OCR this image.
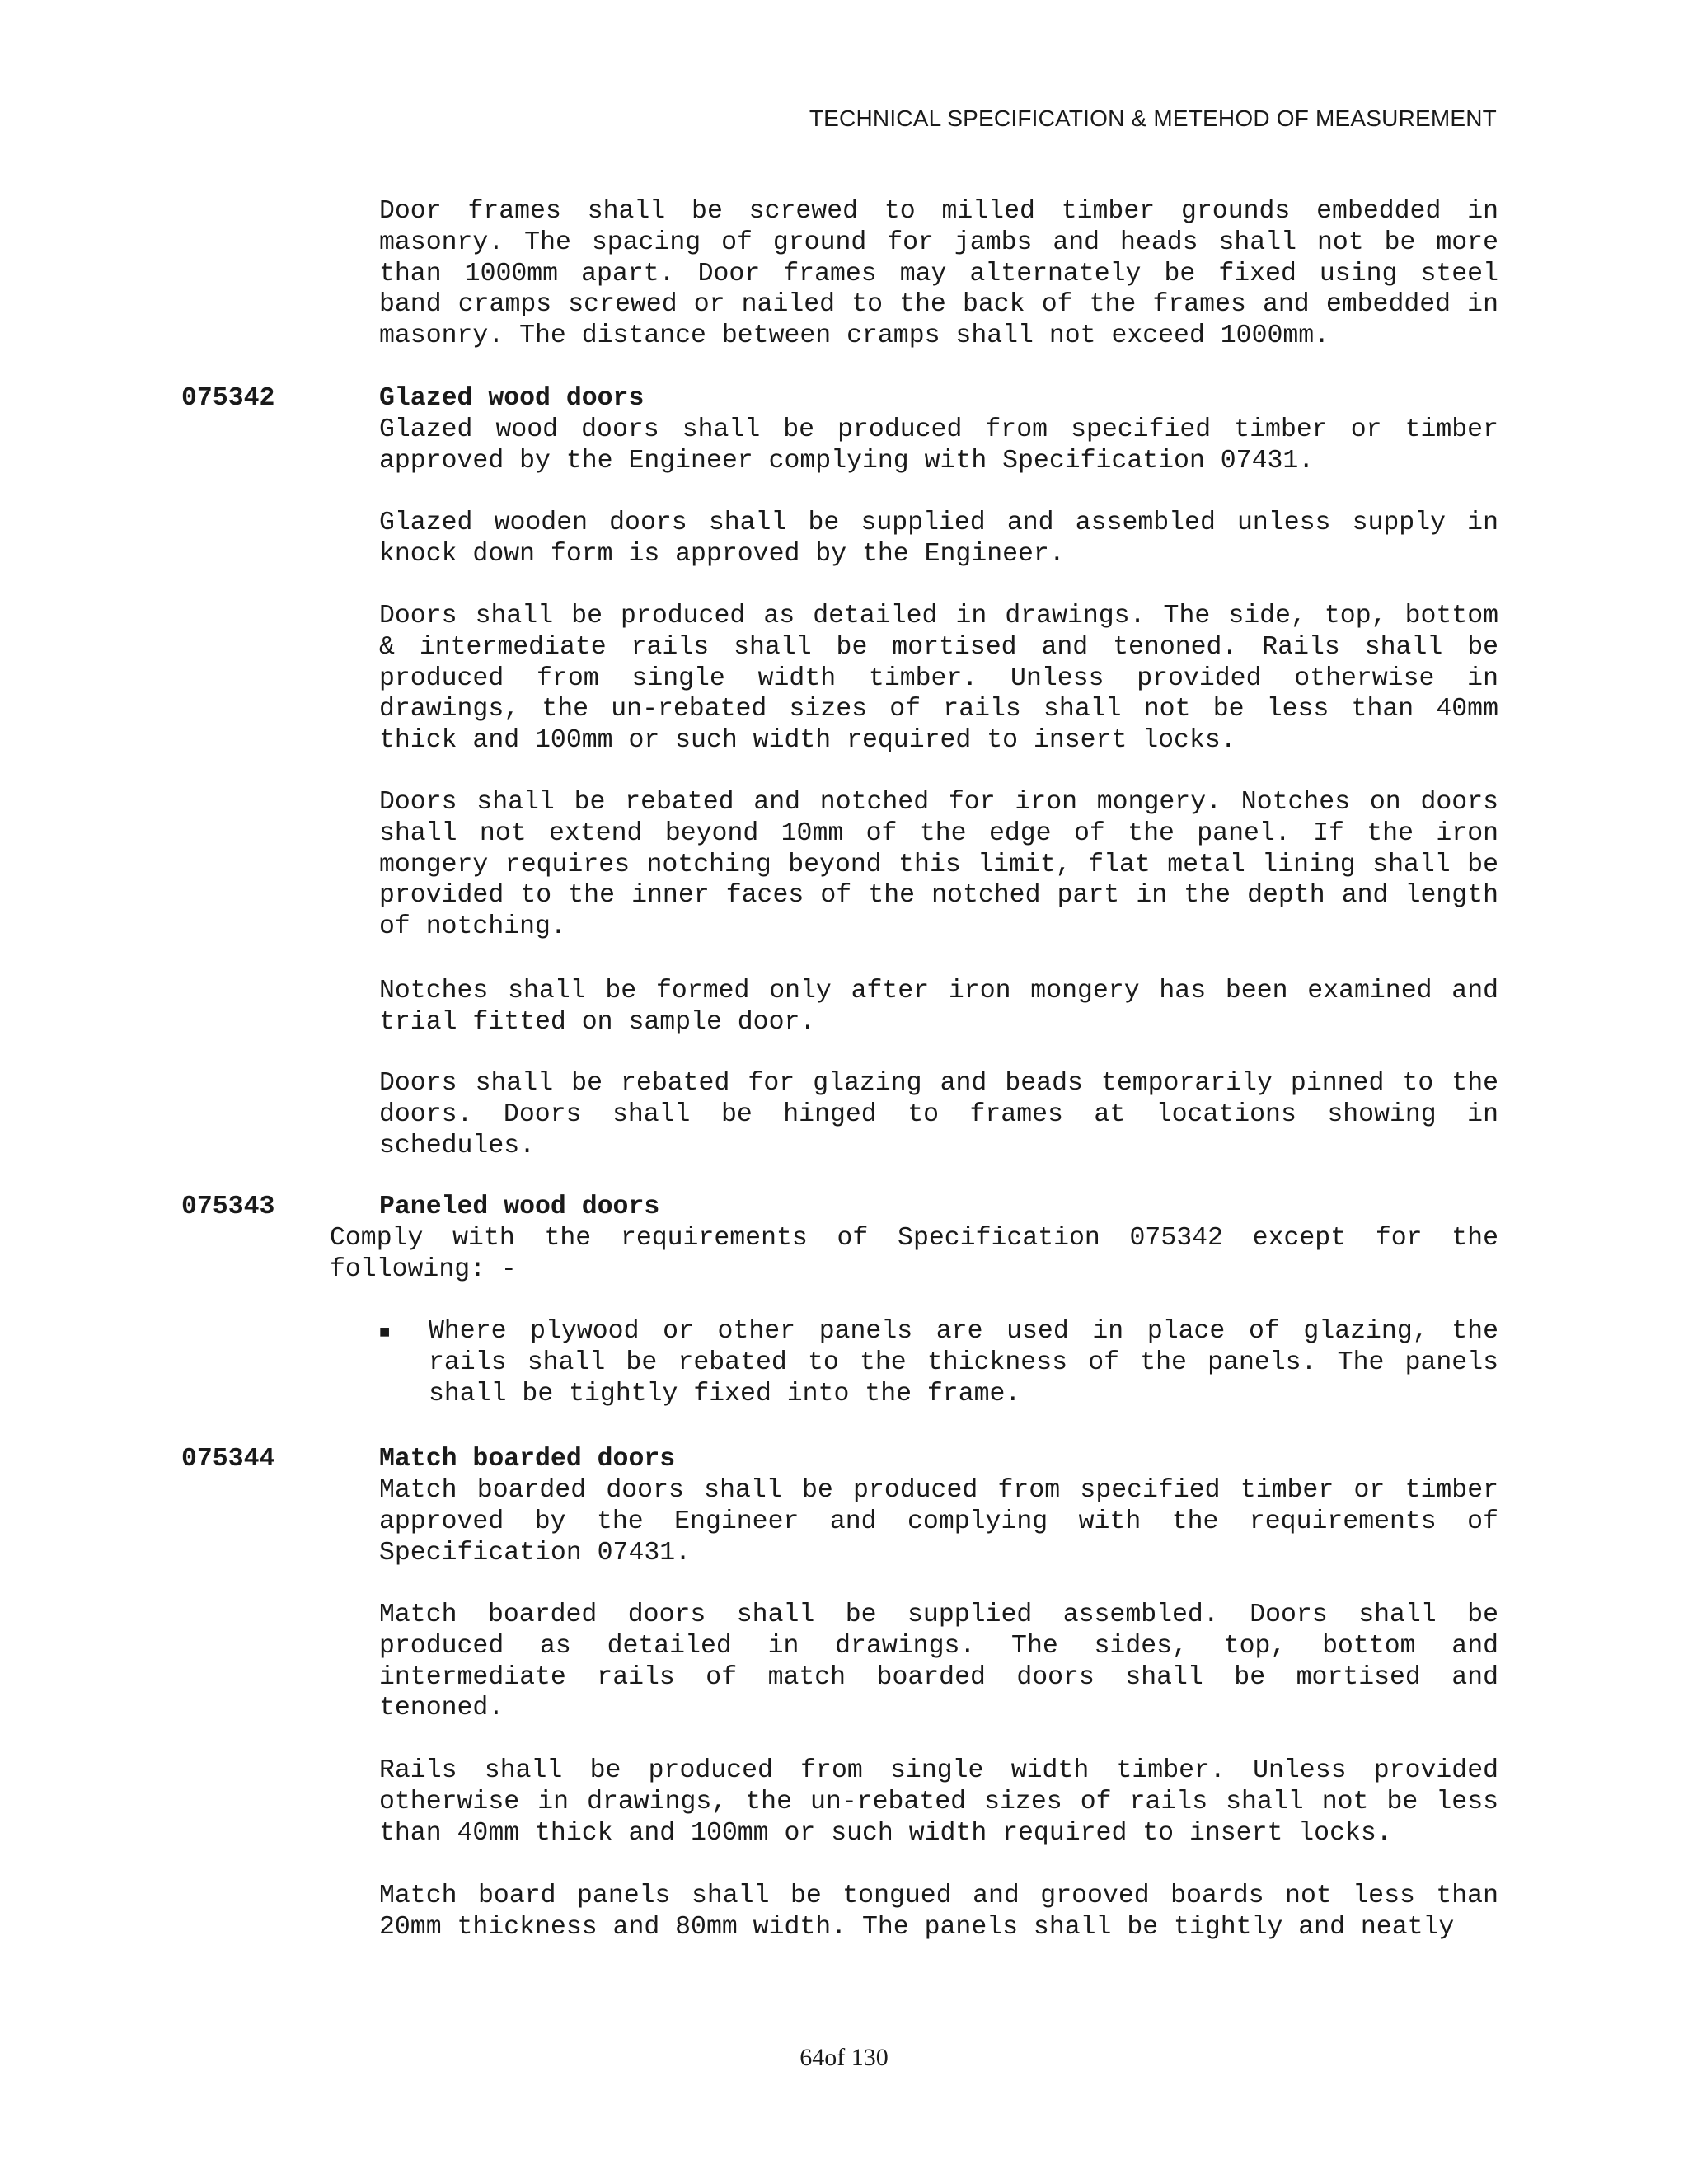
TECHNICAL SPECIFICATION & METEHOD OF MEASUREMENT

Door frames shall be screwed to milled timber grounds embedded in masonry. The spacing of ground for jambs and heads shall not be more than 1000mm apart. Door frames may alternately be fixed using steel band cramps screwed or nailed to the back of the frames and embedded in masonry. The distance between cramps shall not exceed 1000mm.

075342	Glazed wood doors

Glazed wood doors shall be produced from specified timber or timber approved by the Engineer complying with Specification 07431.

Glazed wooden doors shall be supplied and assembled unless supply in knock down form is approved by the Engineer.

Doors shall be produced as detailed in drawings. The side, top, bottom & intermediate rails shall be mortised and tenoned. Rails shall be produced from single width timber. Unless provided otherwise in drawings, the un-rebated sizes of rails shall not be less than 40mm thick and 100mm or such width required to insert locks.

Doors shall be rebated and notched for iron mongery. Notches on doors shall not extend beyond 10mm of the edge of the panel. If the iron mongery requires notching beyond this limit, flat metal lining shall be provided to the inner faces of the notched part in the depth and length of notching.

Notches shall be formed only after iron mongery has been examined and trial fitted on sample door.

Doors shall be rebated for glazing and beads temporarily pinned to the doors. Doors shall be hinged to frames at locations showing in schedules.

075343	Paneled wood doors

Comply with the requirements of Specification 075342 except for the following: -

■ Where plywood or other panels are used in place of glazing, the rails shall be rebated to the thickness of the panels. The panels shall be tightly fixed into the frame.

075344	Match boarded doors

Match boarded doors shall be produced from specified timber or timber approved by the Engineer and complying with the requirements of Specification 07431.

Match boarded doors shall be supplied assembled. Doors shall be produced as detailed in drawings. The sides, top, bottom and intermediate rails of match boarded doors shall be mortised and tenoned.

Rails shall be produced from single width timber. Unless provided otherwise in drawings, the un-rebated sizes of rails shall not be less than 40mm thick and 100mm or such width required to insert locks.

Match board panels shall be tongued and grooved boards not less than 20mm thickness and 80mm width. The panels shall be tightly and neatly

64of 130
